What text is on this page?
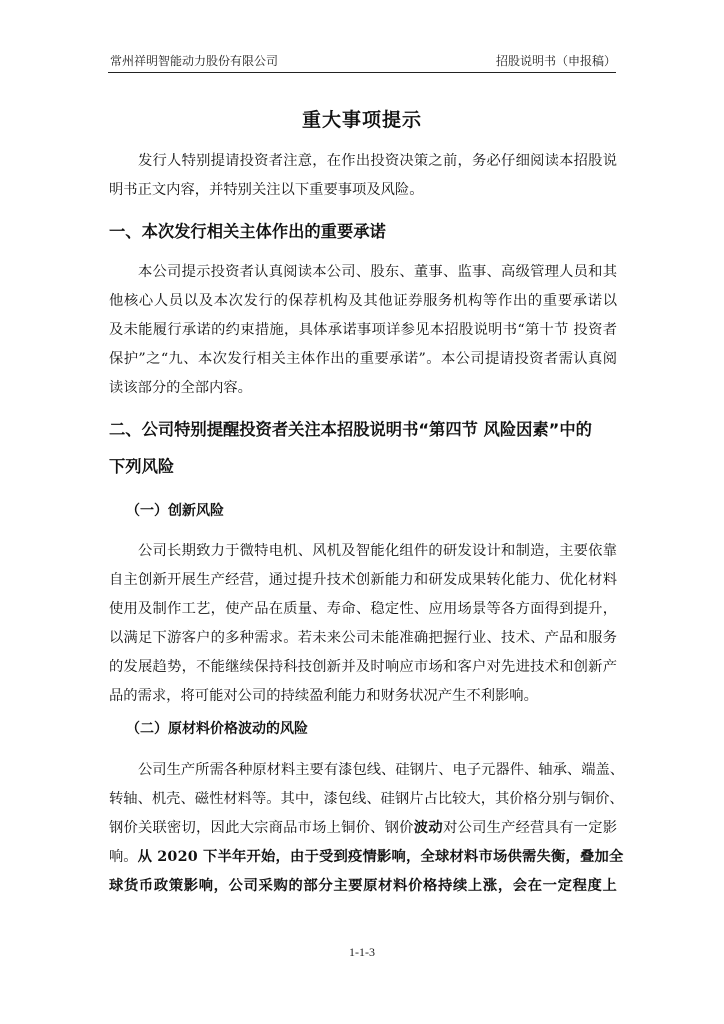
常州祥明智能动力股份有限公司	招股说明书（申报稿）
重大事项提示
发行人特别提请投资者注意，在作出投资决策之前，务必仔细阅读本招股说
明书正文内容，并特别关注以下重要事项及风险。
一、本次发行相关主体作出的重要承诺
本公司提示投资者认真阅读本公司、股东、董事、监事、高级管理人员和其
他核心人员以及本次发行的保荐机构及其他证券服务机构等作出的重要承诺以
及未能履行承诺的约束措施，具体承诺事项详参见本招股说明书“第十节 投资者
保护”之“九、本次发行相关主体作出的重要承诺”。本公司提请投资者需认真阅
读该部分的全部内容。
二、公司特别提醒投资者关注本招股说明书“第四节 风险因素”中的
下列风险
（一）创新风险
公司长期致力于微特电机、风机及智能化组件的研发设计和制造，主要依靠
自主创新开展生产经营，通过提升技术创新能力和研发成果转化能力、优化材料
使用及制作工艺，使产品在质量、寿命、稳定性、应用场景等各方面得到提升，
以满足下游客户的多种需求。若未来公司未能准确把握行业、技术、产品和服务
的发展趋势，不能继续保持科技创新并及时响应市场和客户对先进技术和创新产
品的需求，将可能对公司的持续盈利能力和财务状况产生不利影响。
（二）原材料价格波动的风险
公司生产所需各种原材料主要有漆包线、硅钢片、电子元器件、轴承、端盖、
转轴、机壳、磁性材料等。其中，漆包线、硅钢片占比较大，其价格分别与铜价、
钢价关联密切，因此大宗商品市场上铜价、钢价波动对公司生产经营具有一定影
响。从 2020 下半年开始，由于受到疫情影响，全球材料市场供需失衡，叠加全
球货币政策影响，公司采购的部分主要原材料价格持续上涨，会在一定程度上
1-1-3
